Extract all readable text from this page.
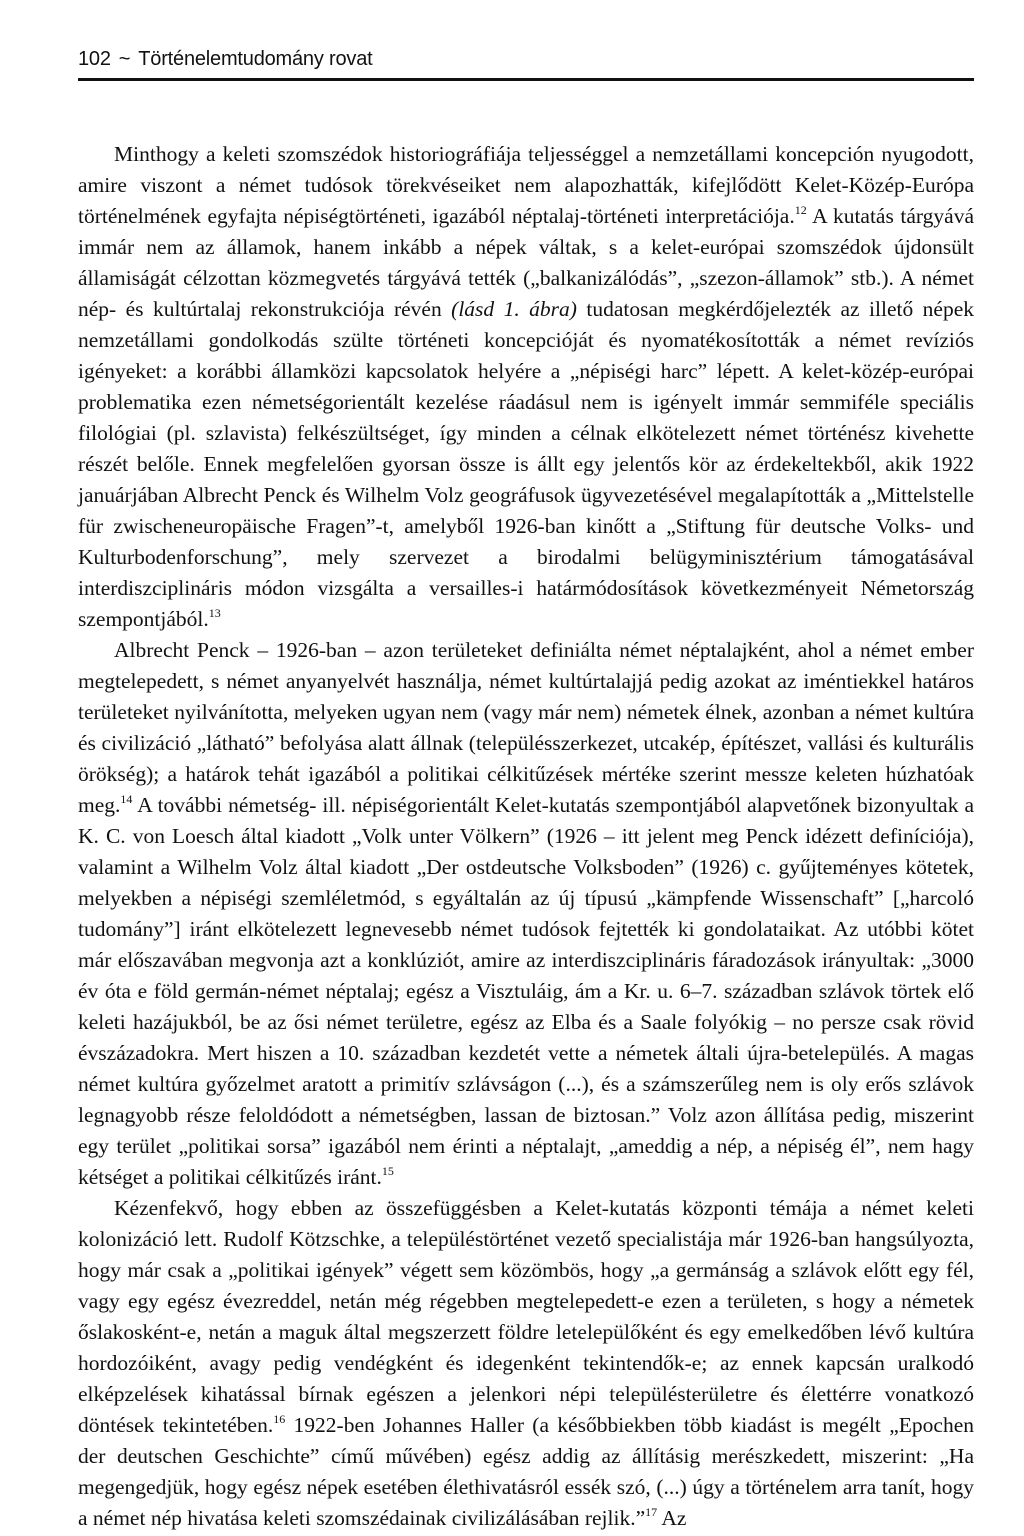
102 ~ Történelemtudomány rovat

Minthogy a keleti szomszédok historiográfiája teljességgel a nemzetállami koncepción nyugodott, amire viszont a német tudósok törekvéseiket nem alapozhatták, kifejlődött Kelet-Közép-Európa történelmének egyfajta népiségtörténeti, igazából néptalaj-történeti interpretációja.$^{12}$ A kutatás tárgyává immár nem az államok, hanem inkább a népek váltak, s a kelet-európai szomszédok újdonsült államiságát célzottan közmegvetés tárgyává tették („balkanizálódás”, „szezon-államok” stb.). A német nép- és kultúrtalaj rekonstrukciója révén (lásd 1. ábra) tudatosan megkérdőjelezték az illető népek nemzetállami gondolkodás szülte történeti koncepcióját és nyomatékosították a német revíziós igényeket: a korábbi államközi kapcsolatok helyére a „népiségi harc” lépett. A kelet-közép-európai problematika ezen németségorientált kezelése ráadásul nem is igényelt immár semmiféle speciális filológiai (pl. szlavista) felkészültséget, így minden a célnak elkötelezett német történész kivehette részét belőle. Ennek megfelelően gyorsan össze is állt egy jelentős kör az érdekeltekből, akik 1922 januárjában Albrecht Penck és Wilhelm Volz geográfusok ügyvezetésével megalapították a „Mittelstelle für zwischeneuropäische Fragen”-t, amelyből 1926-ban kinőtt a „Stiftung für deutsche Volks- und Kulturbodenforschung”, mely szervezet a birodalmi belügyminisztérium támogatásával interdiszciplináris módon vizsgálta a versailles-i határmódosítások következményeit Németország szempontjából.$^{13}$

Albrecht Penck – 1926-ban – azon területeket definiálta német néptalajként, ahol a német ember megtelepedett, s német anyanyelvét használja, német kultúrtalajjá pedig azokat az iméntiekkel határos területeket nyilvánította, melyeken ugyan nem (vagy már nem) németek élnek, azonban a német kultúra és civilizáció „látható” befolyása alatt állnak (településszerkezet, utcakép, építészet, vallási és kulturális örökség); a határok tehát igazából a politikai célkitűzések mértéke szerint messze keleten húzhatóak meg.$^{14}$ A további németség- ill. népiségorientált Kelet-kutatás szempontjából alapvetőnek bizonyultak a K. C. von Loesch által kiadott „Volk unter Völkern” (1926 – itt jelent meg Penck idézett definíciója), valamint a Wilhelm Volz által kiadott „Der ostdeutsche Volksboden” (1926) c. gyűjteményes kötetek, melyekben a népiségi szemléletmód, s egyáltalán az új típusú „kämpfende Wissenschaft” [„harcoló tudomány”] iránt elkötelezett legnevesebb német tudósok fejtették ki gondolataikat. Az utóbbi kötet már előszavában megvonja azt a konklúziót, amire az interdiszciplináris fáradozások irányultak: „3000 év óta e föld germán-német néptalaj; egész a Visztuláig, ám a Kr. u. 6–7. században szlávok törtek elő keleti hazájukból, be az ősi német területre, egész az Elba és a Saale folyókig – no persze csak rövid évszázadokra. Mert hiszen a 10. században kezdetét vette a németek általi újra-betelepülés. A magas német kultúra győzelmet aratott a primitív szlávságon (...), és a számszerűleg nem is oly erős szlávok legnagyobb része feloldódott a németségben, lassan de biztosan.” Volz azon állítása pedig, miszerint egy terület „politikai sorsa” igazából nem érinti a néptalajt, „ameddig a nép, a népiség él”, nem hagy kétséget a politikai célkitűzés iránt.$^{15}$

Kézenfekvő, hogy ebben az összefüggésben a Kelet-kutatás központi témája a német keleti kolonizáció lett. Rudolf Kötzschke, a településtörténet vezető specialistája már 1926-ban hangsúlyozta, hogy már csak a „politikai igények” végett sem közömbös, hogy „a germánság a szlávok előtt egy fél, vagy egy egész évezreddel, netán még régebben megtelepedett-e ezen a területen, s hogy a németek őslakosként-e, netán a maguk által megszerzett földre letelepülőként és egy emelkedőben lévő kultúra hordozóiként, avagy pedig vendégként és idegenként tekintendők-e; az ennek kapcsán uralkodó elképzelések kihatással bírnak egészen a jelenkori népi településterületre és élettérre vonatkozó döntések tekintetében.$^{16}$ 1922-ben Johannes Haller (a későbbiekben több kiadást is megélt „Epochen der deutschen Geschichte” című művében) egész addig az állításig merészkedett, miszerint: „Ha megengedjük, hogy egész népek esetében élethivatásról essék szó, (...) úgy a történelem arra tanít, hogy a német nép hivatása keleti szomszédainak civilizálásában rejlik.”$^{17}$ Az
